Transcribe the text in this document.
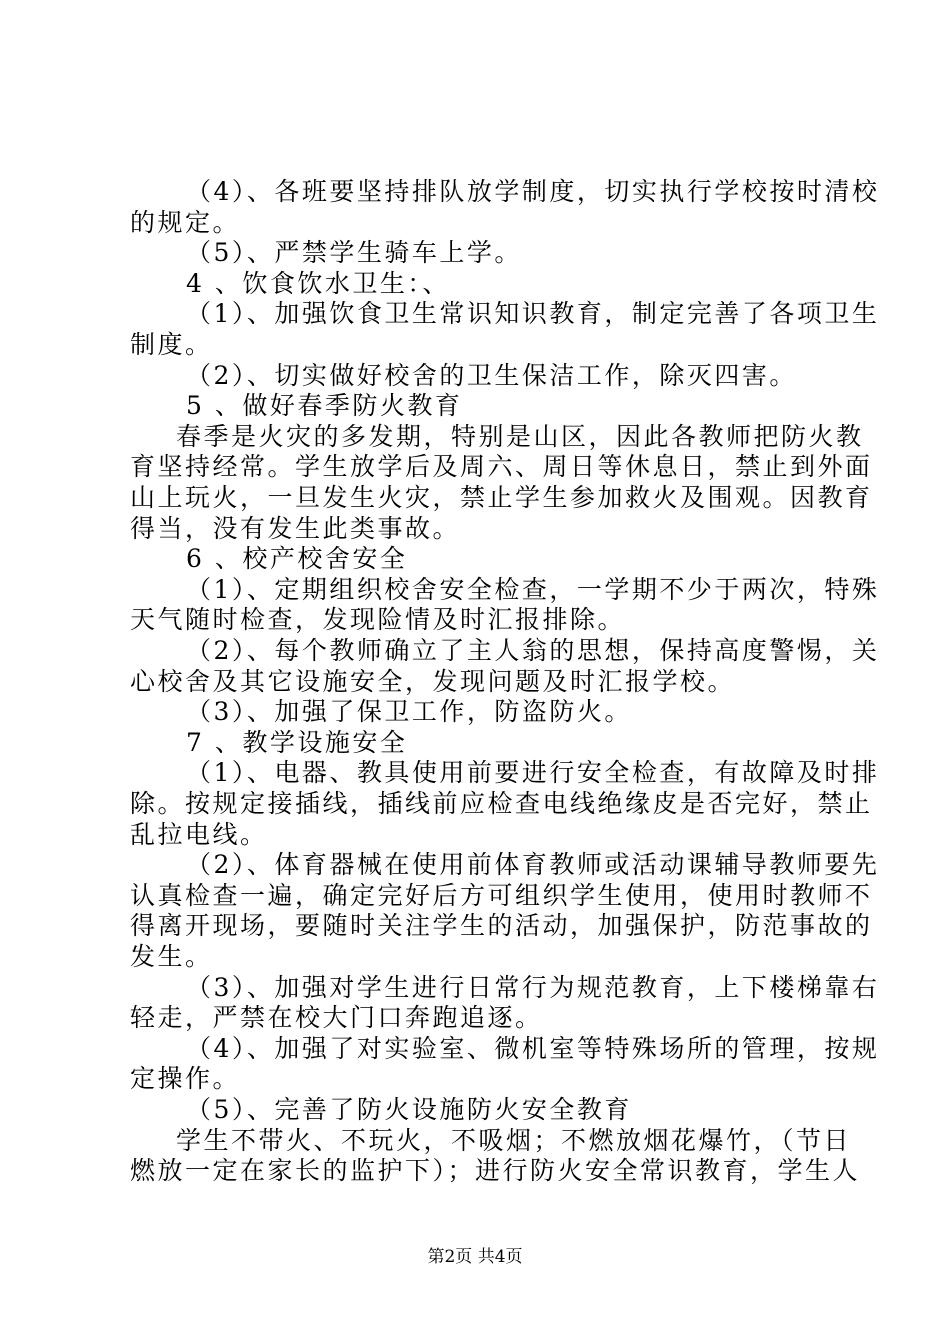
（4）、各班要坚持排队放学制度，切实执行学校按时清校
的规定。
（5）、严禁学生骑车上学。
4 、饮食饮水卫生：、
（1）、加强饮食卫生常识知识教育，制定完善了各项卫生
制度。
（2）、切实做好校舍的卫生保洁工作，除灭四害。
5 、做好春季防火教育
春季是火灾的多发期，特别是山区，因此各教师把防火教
育坚持经常。学生放学后及周六、周日等休息日，禁止到外面
山上玩火，一旦发生火灾，禁止学生参加救火及围观。因教育
得当，没有发生此类事故。
6 、校产校舍安全
（1）、定期组织校舍安全检查，一学期不少于两次，特殊
天气随时检查，发现险情及时汇报排除。
（2）、每个教师确立了主人翁的思想，保持高度警惕，关
心校舍及其它设施安全，发现问题及时汇报学校。
（3）、加强了保卫工作，防盗防火。
7 、教学设施安全
（1）、电器、教具使用前要进行安全检查，有故障及时排
除。按规定接插线，插线前应检查电线绝缘皮是否完好，禁止
乱拉电线。
（2）、体育器械在使用前体育教师或活动课辅导教师要先
认真检查一遍，确定完好后方可组织学生使用，使用时教师不
得离开现场，要随时关注学生的活动，加强保护，防范事故的
发生。
（3）、加强对学生进行日常行为规范教育，上下楼梯靠右
轻走，严禁在校大门口奔跑追逐。
（4）、加强了对实验室、微机室等特殊场所的管理，按规
定操作。
（5）、完善了防火设施防火安全教育
学生不带火、不玩火，不吸烟；不燃放烟花爆竹，（节日
燃放一定在家长的监护下）；进行防火安全常识教育，学生人
第2页 共4页
